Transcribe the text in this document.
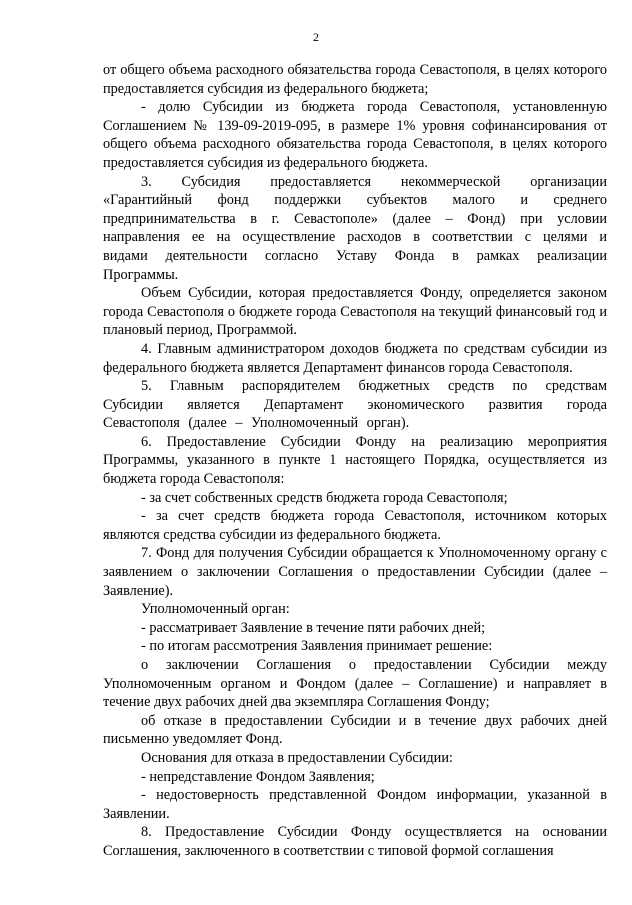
2

от общего объема расходного обязательства города Севастополя, в целях которого предоставляется субсидия из федерального бюджета;

- долю Субсидии из бюджета города Севастополя, установленную Соглашением № 139-09-2019-095, в размере 1% уровня софинансирования от общего объема расходного обязательства города Севастополя, в целях которого предоставляется субсидия из федерального бюджета.

3. Субсидия предоставляется некоммерческой организации «Гарантийный фонд поддержки субъектов малого и среднего предпринимательства в г. Севастополе» (далее – Фонд) при условии направления ее на осуществление расходов в соответствии с целями и видами деятельности согласно Уставу Фонда в рамках реализации Программы.

Объем Субсидии, которая предоставляется Фонду, определяется законом города Севастополя о бюджете города Севастополя на текущий финансовый год и плановый период, Программой.

4. Главным администратором доходов бюджета по средствам субсидии из федерального бюджета является Департамент финансов города Севастополя.

5. Главным распорядителем бюджетных средств по средствам Субсидии является Департамент экономического развития города Севастополя (далее – Уполномоченный орган).

6. Предоставление Субсидии Фонду на реализацию мероприятия Программы, указанного в пункте 1 настоящего Порядка, осуществляется из бюджета города Севастополя:

- за счет собственных средств бюджета города Севастополя;

- за счет средств бюджета города Севастополя, источником которых являются средства субсидии из федерального бюджета.

7. Фонд для получения Субсидии обращается к Уполномоченному органу с заявлением о заключении Соглашения о предоставлении Субсидии (далее – Заявление).

Уполномоченный орган:

- рассматривает Заявление в течение пяти рабочих дней;

- по итогам рассмотрения Заявления принимает решение:

о заключении Соглашения о предоставлении Субсидии между Уполномоченным органом и Фондом (далее – Соглашение) и направляет в течение двух рабочих дней два экземпляра Соглашения Фонду;

об отказе в предоставлении Субсидии и в течение двух рабочих дней письменно уведомляет Фонд.

Основания для отказа в предоставлении Субсидии:

- непредставление Фондом Заявления;

- недостоверность представленной Фондом информации, указанной в Заявлении.

8. Предоставление Субсидии Фонду осуществляется на основании Соглашения, заключенного в соответствии с типовой формой соглашения
